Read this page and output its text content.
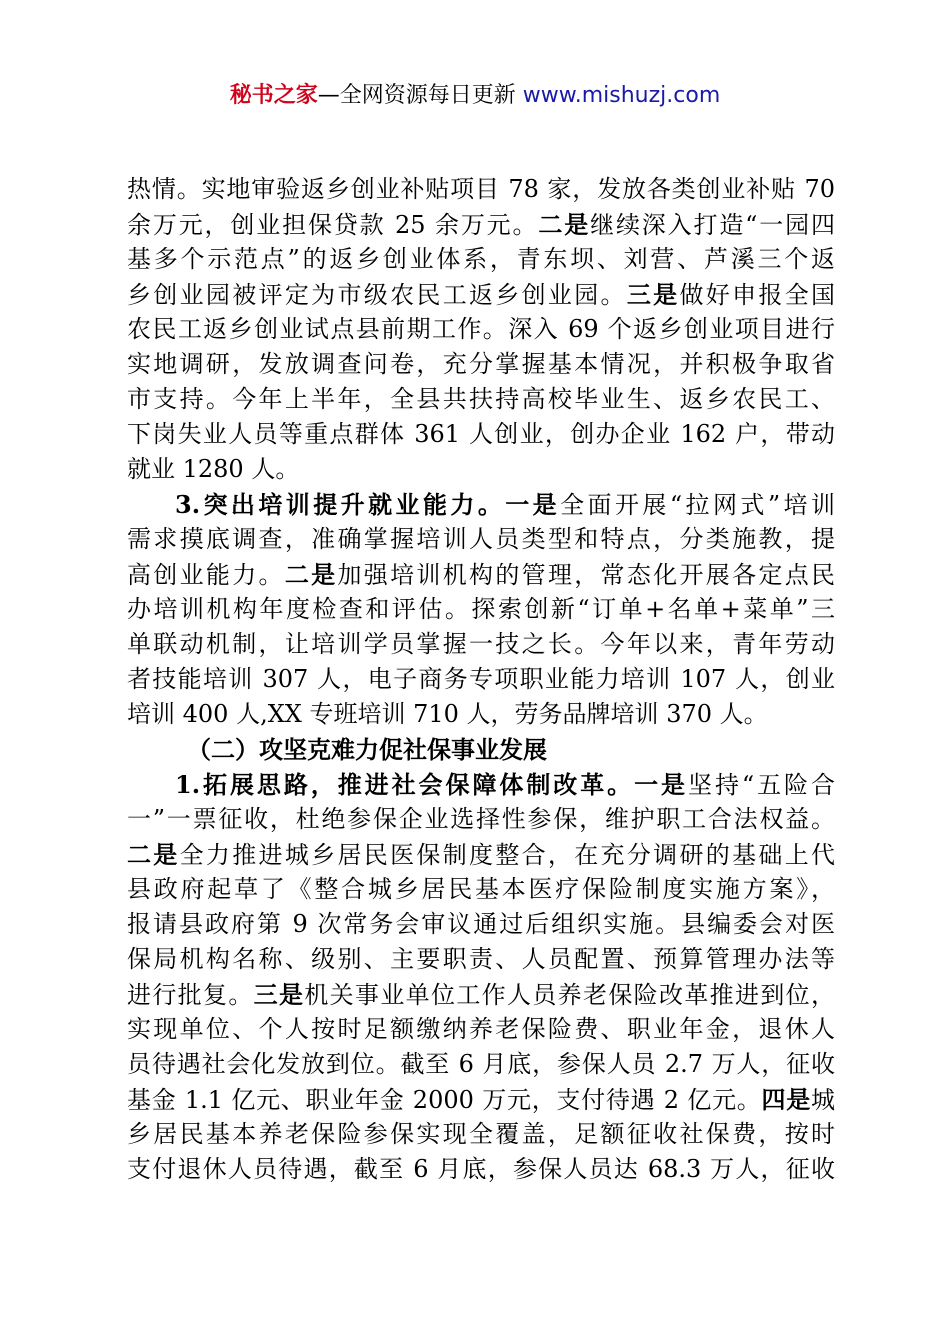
秘书之家—全网资源每日更新 www.mishuzj.com
热情。实地审验返乡创业补贴项目 78 家，发放各类创业补贴 70
余万元，创业担保贷款 25 余万元。二是继续深入打造“一园四
基多个示范点”的返乡创业体系，青东坝、刘营、芦溪三个返
乡创业园被评定为市级农民工返乡创业园。三是做好申报全国
农民工返乡创业试点县前期工作。深入 69 个返乡创业项目进行
实地调研，发放调查问卷，充分掌握基本情况，并积极争取省
市支持。今年上半年，全县共扶持高校毕业生、返乡农民工、
下岗失业人员等重点群体 361 人创业，创办企业 162 户，带动
就业 1280 人。
3.突出培训提升就业能力。一是全面开展“拉网式”培训
需求摸底调查，准确掌握培训人员类型和特点，分类施教，提
高创业能力。二是加强培训机构的管理，常态化开展各定点民
办培训机构年度检查和评估。探索创新“订单+名单+菜单”三
单联动机制，让培训学员掌握一技之长。今年以来，青年劳动
者技能培训 307 人，电子商务专项职业能力培训 107 人，创业
培训 400 人,XX 专班培训 710 人，劳务品牌培训 370 人。
（二）攻坚克难力促社保事业发展
1.拓展思路，推进社会保障体制改革。一是坚持“五险合
一”一票征收，杜绝参保企业选择性参保，维护职工合法权益。
二是全力推进城乡居民医保制度整合，在充分调研的基础上代
县政府起草了《整合城乡居民基本医疗保险制度实施方案》，
报请县政府第 9 次常务会审议通过后组织实施。县编委会对医
保局机构名称、级别、主要职责、人员配置、预算管理办法等
进行批复。三是机关事业单位工作人员养老保险改革推进到位，
实现单位、个人按时足额缴纳养老保险费、职业年金，退休人
员待遇社会化发放到位。截至 6 月底，参保人员 2.7 万人，征收
基金 1.1 亿元、职业年金 2000 万元，支付待遇 2 亿元。四是城
乡居民基本养老保险参保实现全覆盖，足额征收社保费，按时
支付退休人员待遇，截至 6 月底，参保人员达 68.3 万人，征收
